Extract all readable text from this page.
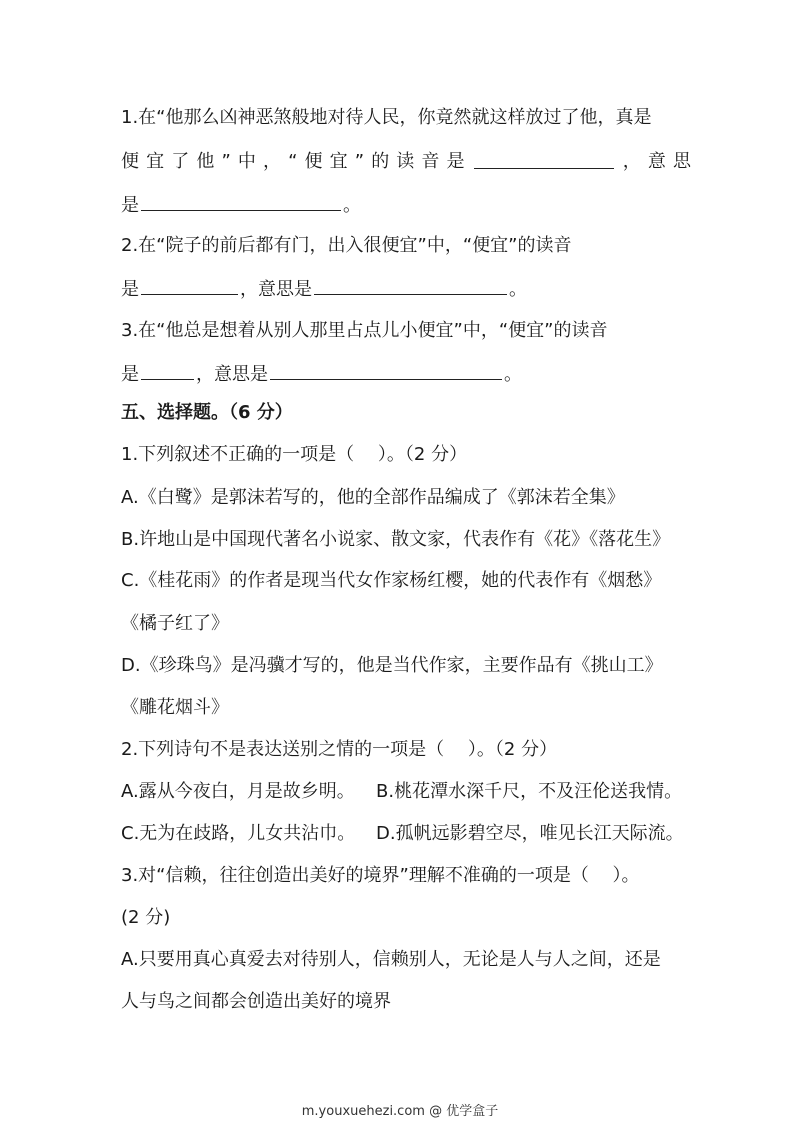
1.在“他那么凶神恶煞般地对待人民，你竟然就这样放过了他，真是
便 宜 了 他 ” 中 ， “ 便 宜 ” 的 读 音 是	， 意 思
是	。
2.在“院子的前后都有门，出入很便宜”中，“便宜”的读音
是	，意思是	。
3.在“他总是想着从别人那里占点儿小便宜”中，“便宜”的读音
是	，意思是	。
五、选择题。（6 分）
1.下列叙述不正确的一项是（　 ）。（2 分）
A.《白鹭》是郭沫若写的，他的全部作品编成了《郭沫若全集》
B.许地山是中国现代著名小说家、散文家，代表作有《花》《落花生》
C.《桂花雨》的作者是现当代女作家杨红樱，她的代表作有《烟愁》
《橘子红了》
D.《珍珠鸟》是冯骥才写的，他是当代作家，主要作品有《挑山工》
《雕花烟斗》
2.下列诗句不是表达送别之情的一项是（　 ）。（2 分）
A.露从今夜白，月是故乡明。 B.桃花潭水深千尺，不及汪伦送我情。
C.无为在歧路，儿女共沾巾。 D.孤帆远影碧空尽，唯见长江天际流。
3.对“信赖，往往创造出美好的境界”理解不准确的一项是（　 ）。
(2 分)
A.只要用真心真爱去对待别人，信赖别人，无论是人与人之间，还是
人与鸟之间都会创造出美好的境界
m.youxuehezi.com @ 优学盒子
